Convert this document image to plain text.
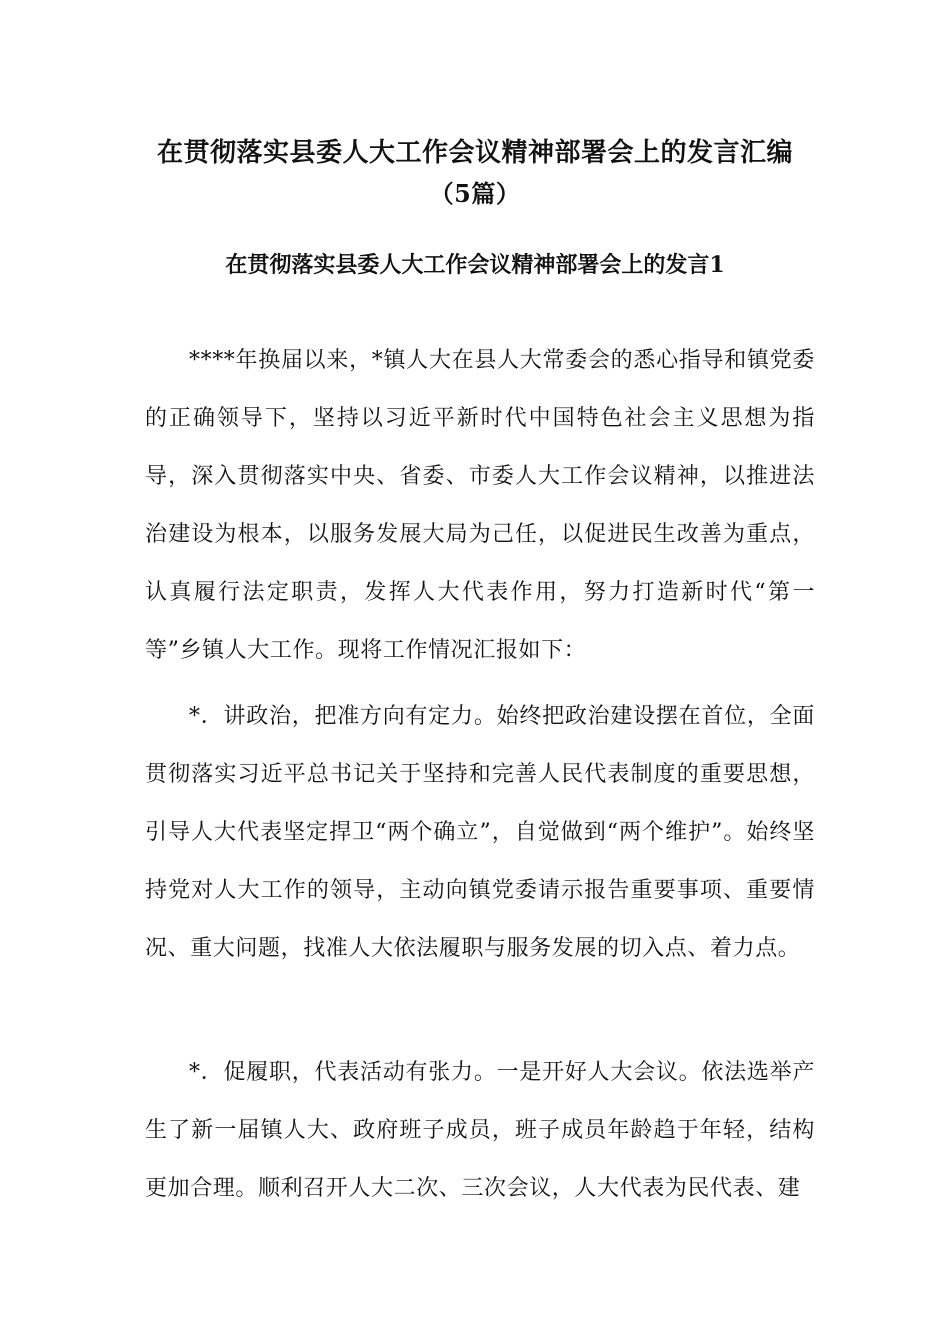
在贯彻落实县委人大工作会议精神部署会上的发言汇编
（5篇）
在贯彻落实县委人大工作会议精神部署会上的发言1

****年换届以来，*镇人大在县人大常委会的悉心指导和镇党委的正确领导下，坚持以习近平新时代中国特色社会主义思想为指导，深入贯彻落实中央、省委、市委人大工作会议精神，以推进法治建设为根本，以服务发展大局为己任，以促进民生改善为重点，认真履行法定职责，发挥人大代表作用，努力打造新时代“第一等”乡镇人大工作。现将工作情况汇报如下：

*．讲政治，把准方向有定力。始终把政治建设摆在首位，全面贯彻落实习近平总书记关于坚持和完善人民代表制度的重要思想，引导人大代表坚定捍卫“两个确立”，自觉做到“两个维护”。始终坚持党对人大工作的领导，主动向镇党委请示报告重要事项、重要情况、重大问题，找准人大依法履职与服务发展的切入点、着力点。

*．促履职，代表活动有张力。一是开好人大会议。依法选举产生了新一届镇人大、政府班子成员，班子成员年龄趋于年轻，结构更加合理。顺利召开人大二次、三次会议，人大代表为民代表、建
